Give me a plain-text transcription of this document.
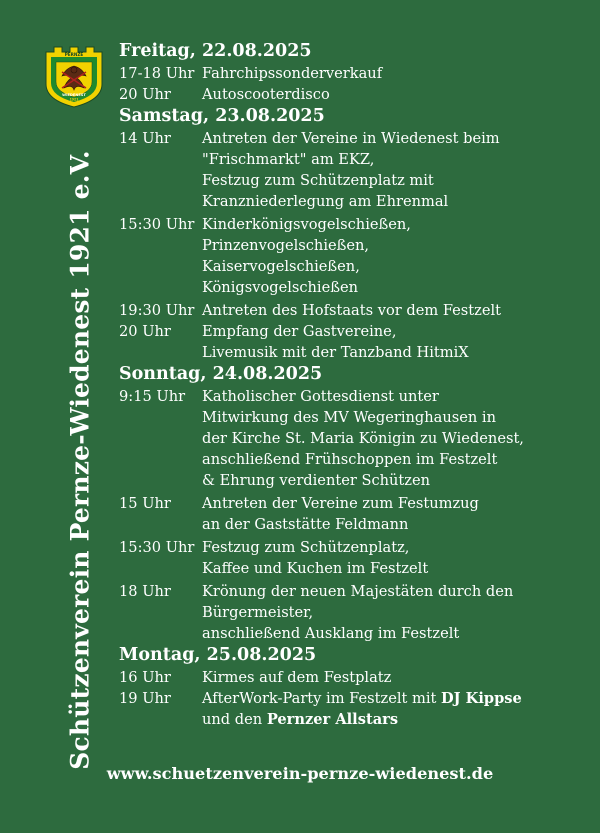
PERNZE
WIEDENEST
1921
Schützenverein Pernze-Wiedenest 1921 e.V.
Freitag, 22.08.2025
17-18 Uhr Fahrchipssonderverkauf
20 Uhr	Autoscooterdisco
Samstag, 23.08.2025
14 Uhr	Antreten der Vereine in Wiedenest beim
"Frischmarkt" am EKZ,
Festzug zum Schützenplatz mit
Kranzniederlegung am Ehrenmal
15:30 Uhr Kinderkönigsvogelschießen,
Prinzenvogelschießen,
Kaiservogelschießen,
Königsvogelschießen
19:30 Uhr Antreten des Hofstaats vor dem Festzelt
20 Uhr	Empfang der Gastvereine,
Livemusik mit der Tanzband HitmiX
Sonntag, 24.08.2025
9:15 Uhr	Katholischer Gottesdienst unter
Mitwirkung des MV Wegeringhausen in
der Kirche St. Maria Königin zu Wiedenest,
anschließend Frühschoppen im Festzelt
& Ehrung verdienter Schützen
15 Uhr	Antreten der Vereine zum Festumzug
an der Gaststätte Feldmann
15:30 Uhr Festzug zum Schützenplatz,
Kaffee und Kuchen im Festzelt
18 Uhr	Krönung der neuen Majestäten durch den
Bürgermeister,
anschließend Ausklang im Festzelt
Montag, 25.08.2025
16 Uhr	Kirmes auf dem Festplatz
19 Uhr	AfterWork-Party im Festzelt mit DJ Kippse
und den Pernzer Allstars
www.schuetzenverein-pernze-wiedenest.de
